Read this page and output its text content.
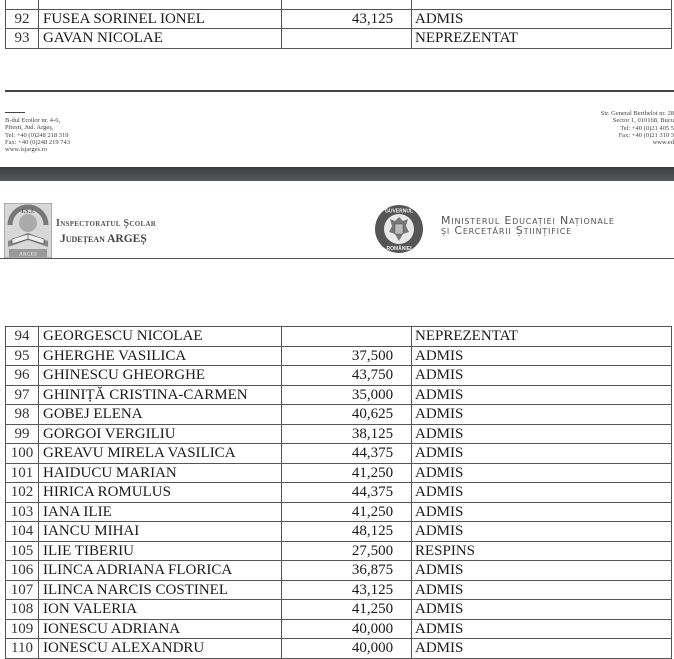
92	FUSEA SORINEL IONEL	43,125	ADMIS
93	GAVAN NICOLAE		NEPREZENTAT
B-dul Eroilor nr. 4-6,
Pitești, Jud. Argeș,
Tel: +40 (0)248 218 319
Fax: +40 (0)248 219 743
www.isjarges.ro
Str. General Berthelot nr. 28
Sector 1, 010168, Bucu
Tel: +40 (0)21 405 5
Fax: +40 (0)21 310 3
www.ed
I.S.J.
ARGEȘ
Inspectoratul Școlar
Județean ARGEȘ
GUVERNUL
ROMÂNIEI
Ministerul Educației Naționale
și Cercetării Științifice
94	GEORGESCU NICOLAE		NEPREZENTAT
95	GHERGHE VASILICA	37,500	ADMIS
96	GHINESCU GHEORGHE	43,750	ADMIS
97	GHINIȚĂ CRISTINA-CARMEN	35,000	ADMIS
98	GOBEJ ELENA	40,625	ADMIS
99	GORGOI VERGILIU	38,125	ADMIS
100	GREAVU MIRELA VASILICA	44,375	ADMIS
101	HAIDUCU MARIAN	41,250	ADMIS
102	HIRICA ROMULUS	44,375	ADMIS
103	IANA ILIE	41,250	ADMIS
104	IANCU MIHAI	48,125	ADMIS
105	ILIE TIBERIU	27,500	RESPINS
106	ILINCA ADRIANA FLORICA	36,875	ADMIS
107	ILINCA NARCIS COSTINEL	43,125	ADMIS
108	ION VALERIA	41,250	ADMIS
109	IONESCU ADRIANA	40,000	ADMIS
110	IONESCU ALEXANDRU	40,000	ADMIS
